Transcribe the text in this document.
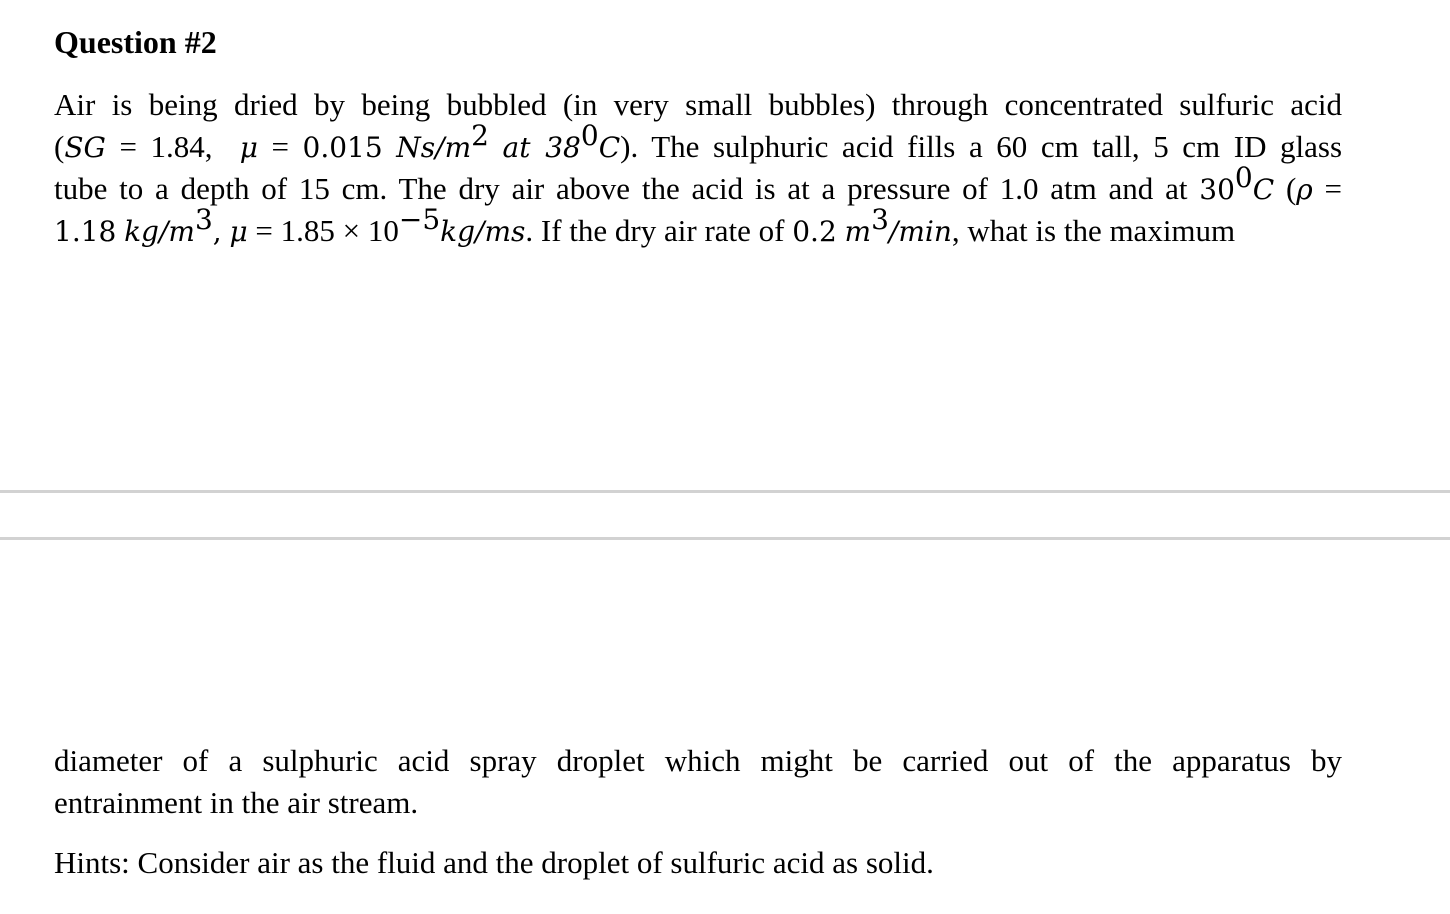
Question #2
Air is being dried by being bubbled (in very small bubbles) through concentrated sulfuric acid
(SG = 1.84, μ = 0.015 $Ns/m^2$ at $38^0C$). The sulphuric acid fills a 60 cm tall, 5 cm ID glass
tube to a depth of 15 cm. The dry air above the acid is at a pressure of 1.0 atm and at $30^0C$ (ρ =
1.18 $kg/m^3$, $\mu = 1.85 \times 10^{-5}kg/ms$. If the dry air rate of 0.2 $m^3/\min$, what is the maximum
diameter of a sulphuric acid spray droplet which might be carried out of the apparatus by
entrainment in the air stream.
Hints: Consider air as the fluid and the droplet of sulfuric acid as solid.
